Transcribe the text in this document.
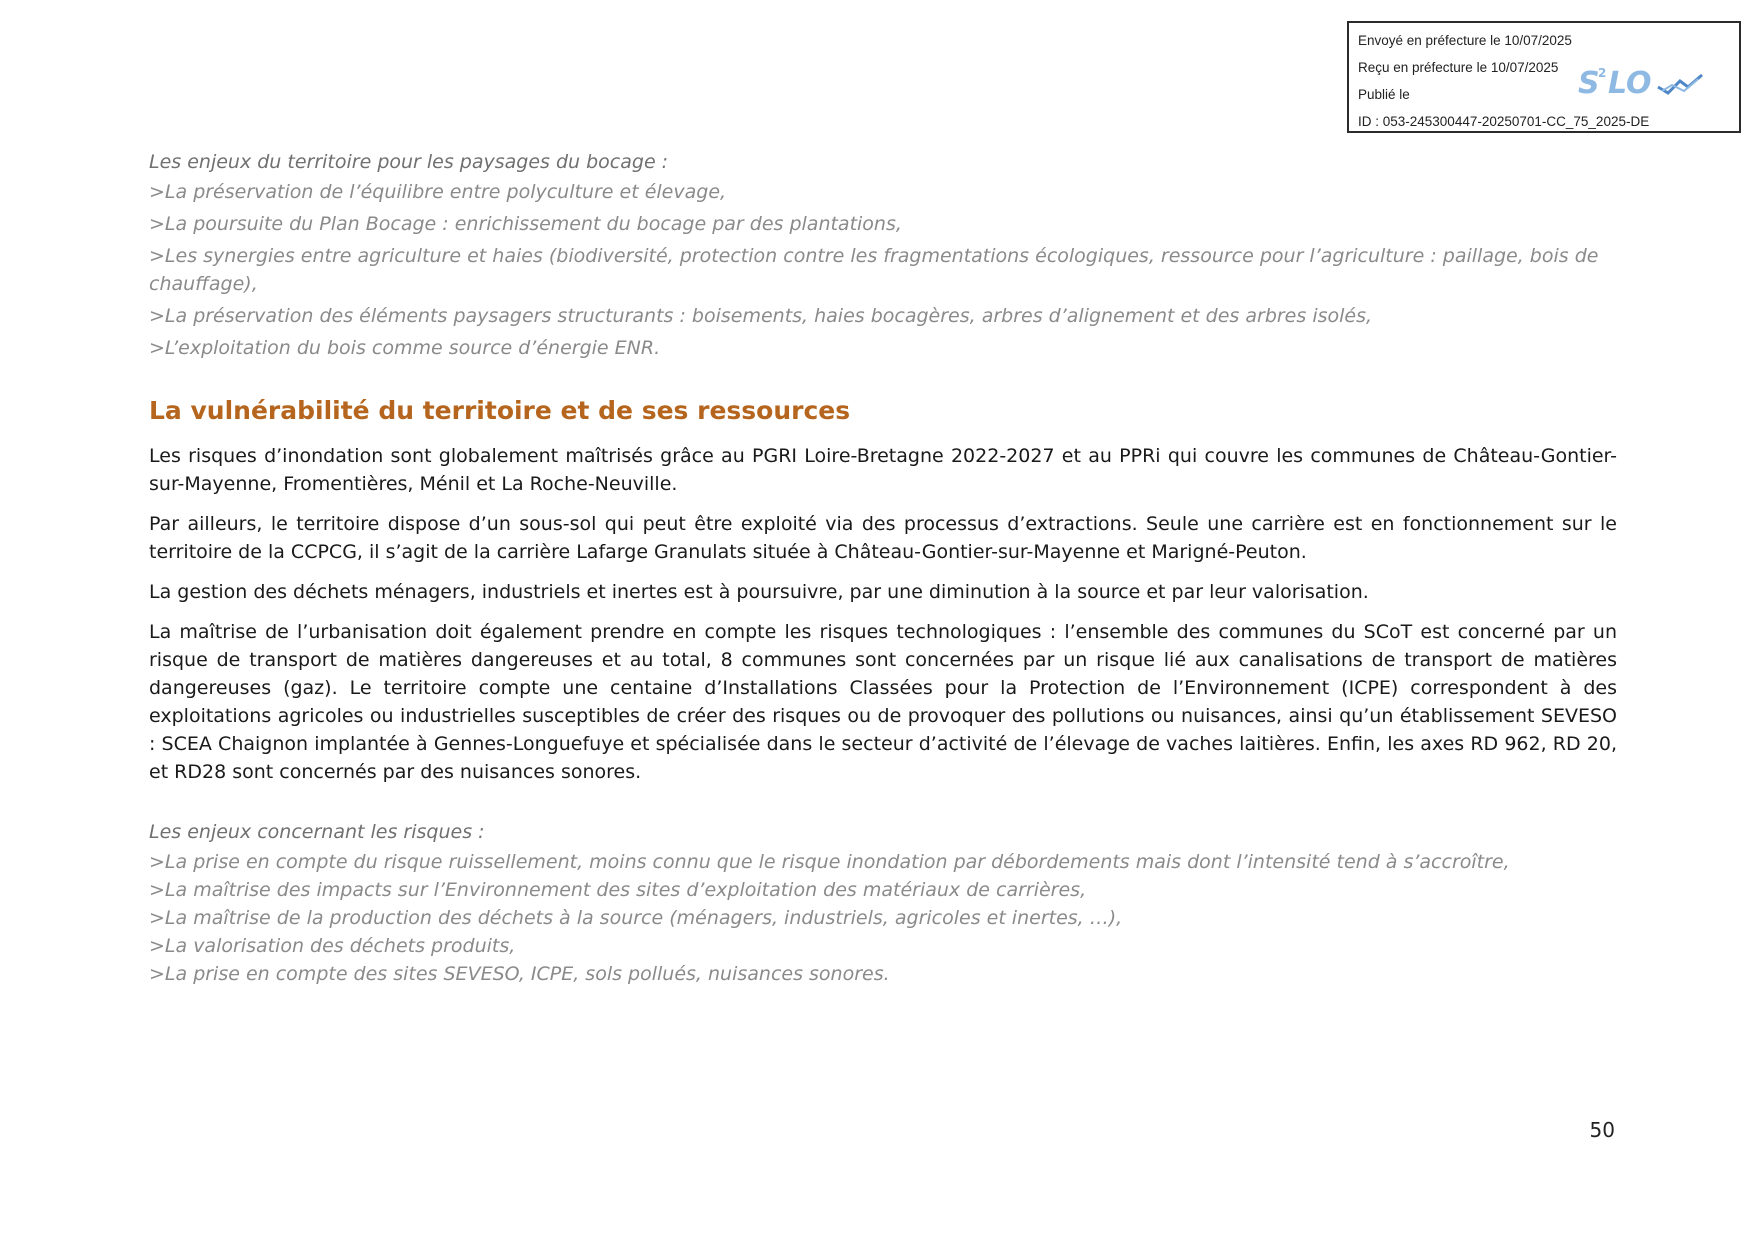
Envoyé en préfecture le 10/07/2025
Reçu en préfecture le 10/07/2025
Publié le
ID : 053-245300447-20250701-CC_75_2025-DE
S
2 LO

Les enjeux du territoire pour les paysages du bocage :

>La préservation de l’équilibre entre polyculture et élevage,

>La poursuite du Plan Bocage : enrichissement du bocage par des plantations,

>Les synergies entre agriculture et haies (biodiversité, protection contre les fragmentations écologiques, ressource pour l’agriculture : paillage, bois de chauffage),

>La préservation des éléments paysagers structurants : boisements, haies bocagères, arbres d’alignement et des arbres isolés,

>L’exploitation du bois comme source d’énergie ENR.

La vulnérabilité du territoire et de ses ressources

Les risques d’inondation sont globalement maîtrisés grâce au PGRI Loire-Bretagne 2022-2027 et au PPRi qui couvre les communes de Château-Gontier-sur-Mayenne, Fromentières, Ménil et La Roche-Neuville.

Par ailleurs, le territoire dispose d’un sous-sol qui peut être exploité via des processus d’extractions. Seule une carrière est en fonctionnement sur le territoire de la CCPCG, il s’agit de la carrière Lafarge Granulats située à Château-Gontier-sur-Mayenne et Marigné-Peuton.

La gestion des déchets ménagers, industriels et inertes est à poursuivre, par une diminution à la source et par leur valorisation.

La maîtrise de l’urbanisation doit également prendre en compte les risques technologiques : l’ensemble des communes du SCoT est concerné par un risque de transport de matières dangereuses et au total, 8 communes sont concernées par un risque lié aux canalisations de transport de matières dangereuses (gaz). Le territoire compte une centaine d’Installations Classées pour la Protection de l’Environnement (ICPE) correspondent à des exploitations agricoles ou industrielles susceptibles de créer des risques ou de provoquer des pollutions ou nuisances, ainsi qu’un établissement SEVESO : SCEA Chaignon implantée à Gennes-Longuefuye et spécialisée dans le secteur d’activité de l’élevage de vaches laitières. Enfin, les axes RD 962, RD 20, et RD28 sont concernés par des nuisances sonores.

Les enjeux concernant les risques :

>La prise en compte du risque ruissellement, moins connu que le risque inondation par débordements mais dont l’intensité tend à s’accroître,

>La maîtrise des impacts sur l’Environnement des sites d’exploitation des matériaux de carrières,

>La maîtrise de la production des déchets à la source (ménagers, industriels, agricoles et inertes, …),

>La valorisation des déchets produits,

>La prise en compte des sites SEVESO, ICPE, sols pollués, nuisances sonores.

50
